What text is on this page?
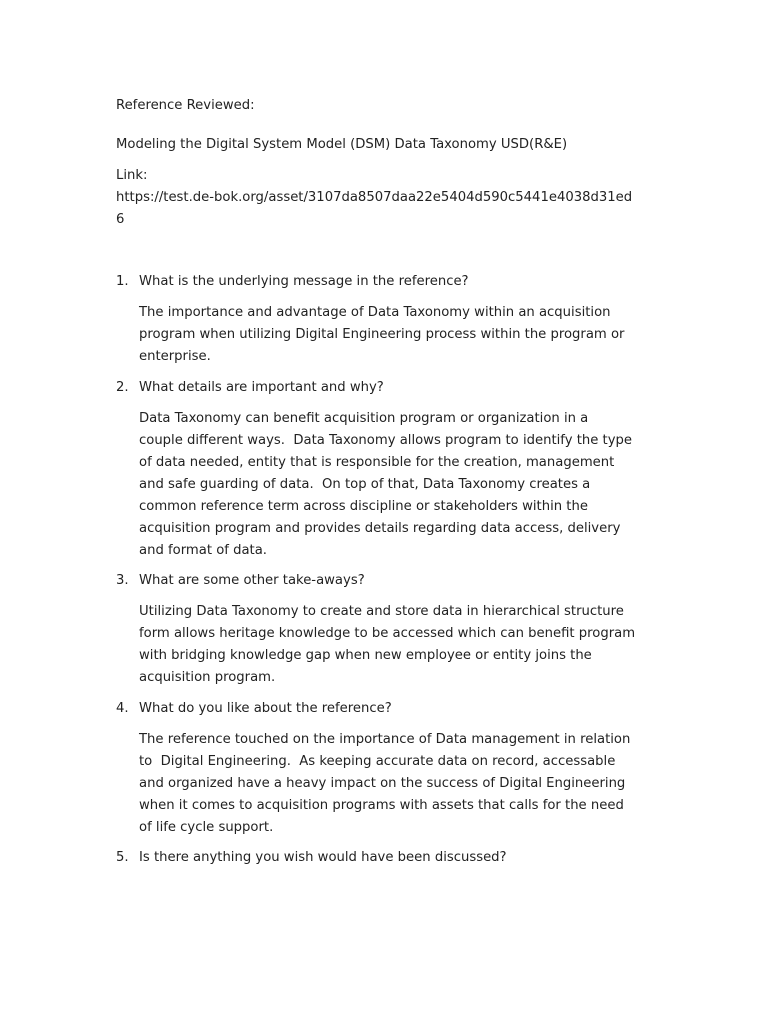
Reference Reviewed:
Modeling the Digital System Model (DSM) Data Taxonomy USD(R&E)
Link:
https://test.de-bok.org/asset/3107da8507daa22e5404d590c5441e4038d31ed
6
1. What is the underlying message in the reference?
The importance and advantage of Data Taxonomy within an acquisition
program when utilizing Digital Engineering process within the program or
enterprise.
2. What details are important and why?
Data Taxonomy can benefit acquisition program or organization in a
couple different ways.  Data Taxonomy allows program to identify the type
of data needed, entity that is responsible for the creation, management
and safe guarding of data.  On top of that, Data Taxonomy creates a
common reference term across discipline or stakeholders within the
acquisition program and provides details regarding data access, delivery
and format of data.
3. What are some other take-aways?
Utilizing Data Taxonomy to create and store data in hierarchical structure
form allows heritage knowledge to be accessed which can benefit program
with bridging knowledge gap when new employee or entity joins the
acquisition program.
4. What do you like about the reference?
The reference touched on the importance of Data management in relation
to  Digital Engineering.  As keeping accurate data on record, accessable
and organized have a heavy impact on the success of Digital Engineering
when it comes to acquisition programs with assets that calls for the need
of life cycle support.
5. Is there anything you wish would have been discussed?
